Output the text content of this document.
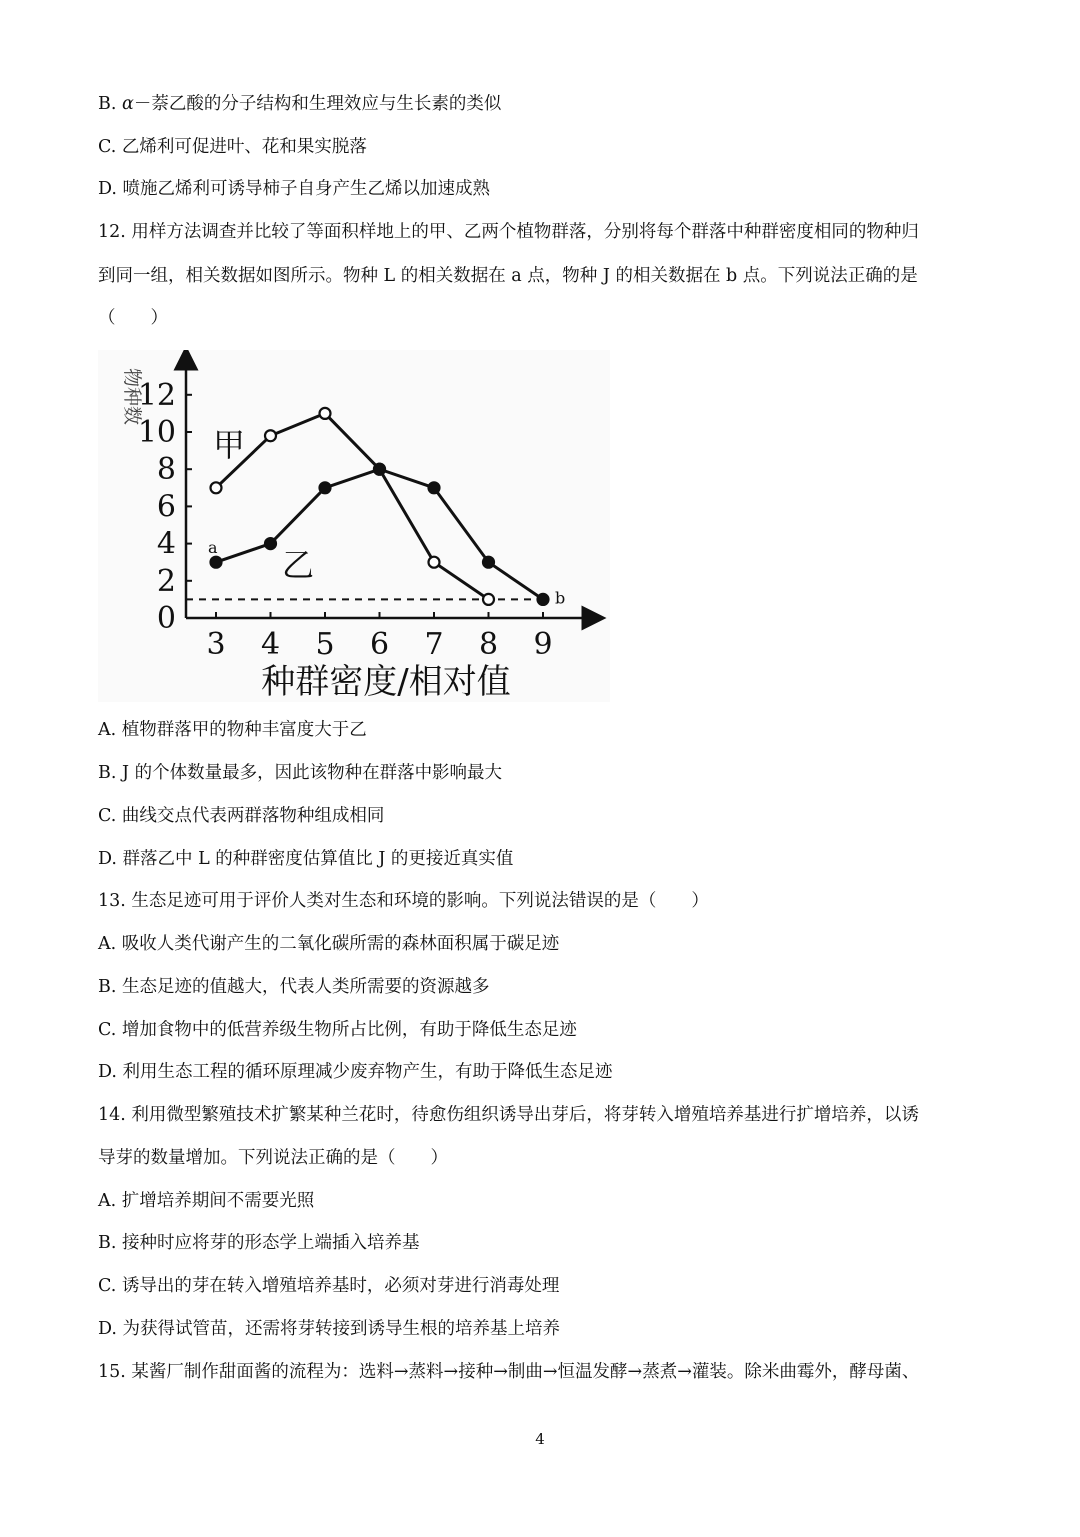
B. α－萘乙酸的分子结构和生理效应与生长素的类似
C. 乙烯利可促进叶、花和果实脱落
D. 喷施乙烯利可诱导柿子自身产生乙烯以加速成熟
12. 用样方法调查并比较了等面积样地上的甲、乙两个植物群落，分别将每个群落中种群密度相同的物种归
到同一组，相关数据如图所示。物种 L 的相关数据在 a 点，物种 J 的相关数据在 b 点。下列说法正确的是
（　　）
3 4 5 6 7 8 9
0
2
4
6
8
10
12
物种数
种群密度/相对值
甲
乙
a
b
A. 植物群落甲的物种丰富度大于乙
B. J 的个体数量最多，因此该物种在群落中影响最大
C. 曲线交点代表两群落物种组成相同
D. 群落乙中 L 的种群密度估算值比 J 的更接近真实值
13. 生态足迹可用于评价人类对生态和环境的影响。下列说法错误的是（　　）
A. 吸收人类代谢产生的二氧化碳所需的森林面积属于碳足迹
B. 生态足迹的值越大，代表人类所需要的资源越多
C. 增加食物中的低营养级生物所占比例，有助于降低生态足迹
D. 利用生态工程的循环原理减少废弃物产生，有助于降低生态足迹
14. 利用微型繁殖技术扩繁某种兰花时，待愈伤组织诱导出芽后，将芽转入增殖培养基进行扩增培养，以诱
导芽的数量增加。下列说法正确的是（　　）
A. 扩增培养期间不需要光照
B. 接种时应将芽的形态学上端插入培养基
C. 诱导出的芽在转入增殖培养基时，必须对芽进行消毒处理
D. 为获得试管苗，还需将芽转接到诱导生根的培养基上培养
15. 某酱厂制作甜面酱的流程为：选料→蒸料→接种→制曲→恒温发酵→蒸煮→灌装。除米曲霉外，酵母菌、
4
